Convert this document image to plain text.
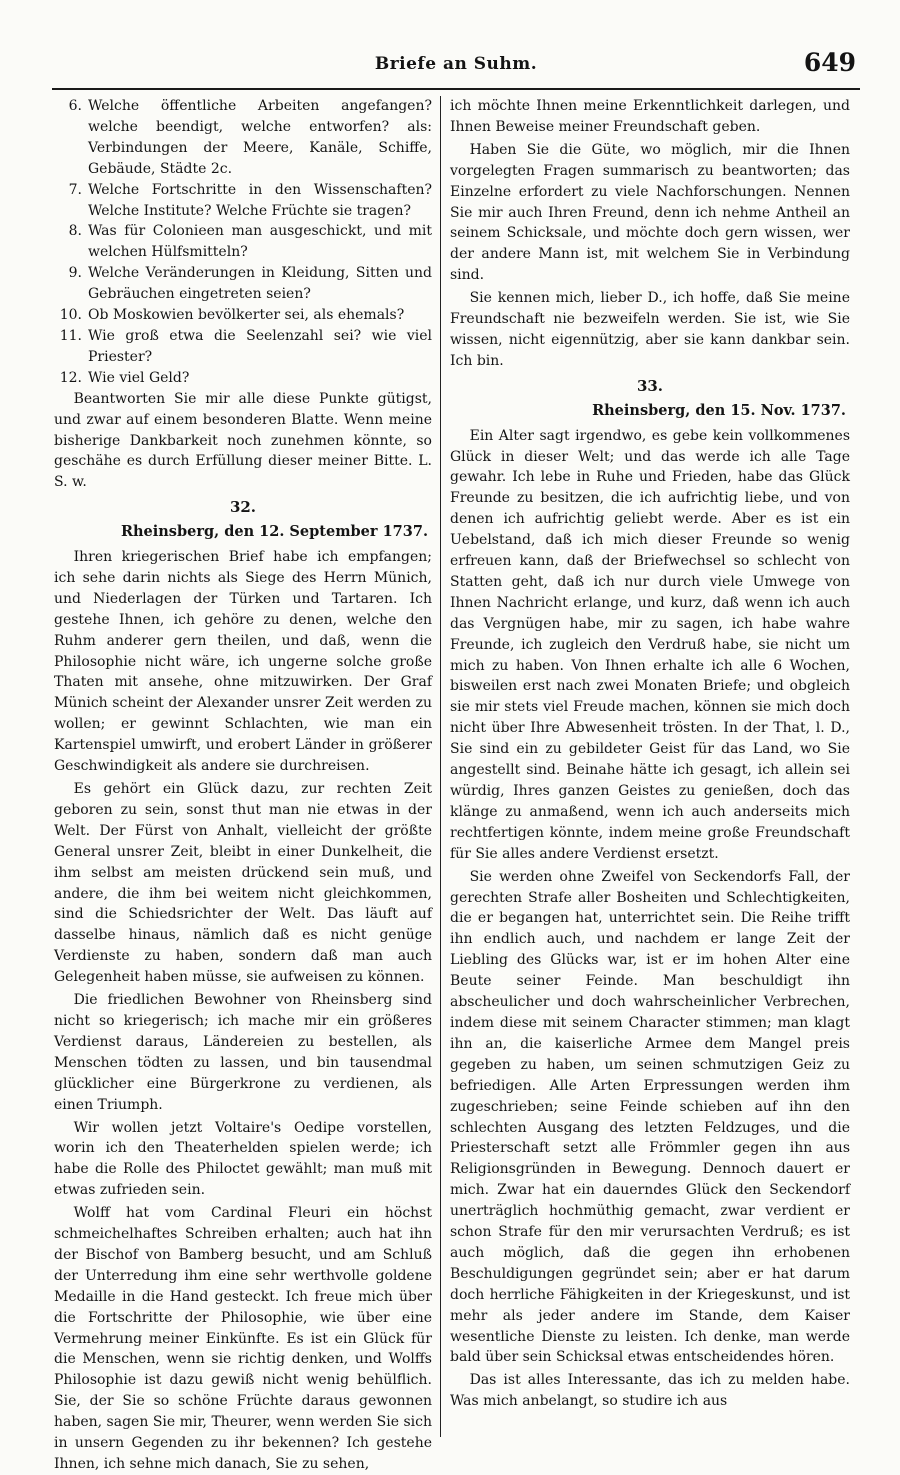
Briefe an Suhm.	649
6. Welche öffentliche Arbeiten angefangen? welche beendigt, welche entworfen? als: Verbindungen der Meere, Kanäle, Schiffe, Gebäude, Städte 2c.
7. Welche Fortschritte in den Wissenschaften? Welche Institute? Welche Früchte sie tragen?
8. Was für Colonieen man ausgeschickt, und mit welchen Hülfsmitteln?
9. Welche Veränderungen in Kleidung, Sitten und Gebräuchen eingetreten seien?
10. Ob Moskowien bevölkerter sei, als ehemals?
11. Wie groß etwa die Seelenzahl sei? wie viel Priester?
12. Wie viel Geld?

Beantworten Sie mir alle diese Punkte gütigst, und zwar auf einem besonderen Blatte. Wenn meine bisherige Dankbarkeit noch zunehmen könnte, so geschähe es durch Erfüllung dieser meiner Bitte. L. S. w.

32.
Rheinsberg, den 12. September 1737.

Ihren kriegerischen Brief habe ich empfangen; ich sehe darin nichts als Siege des Herrn Münich, und Niederlagen der Türken und Tartaren. Ich gestehe Ihnen, ich gehöre zu denen, welche den Ruhm anderer gern theilen, und daß, wenn die Philosophie nicht wäre, ich ungerne solche große Thaten mit ansehe, ohne mitzuwirken. Der Graf Münich scheint der Alexander unsrer Zeit werden zu wollen; er gewinnt Schlachten, wie man ein Kartenspiel umwirft, und erobert Länder in größerer Geschwindigkeit als andere sie durchreisen.

Es gehört ein Glück dazu, zur rechten Zeit geboren zu sein, sonst thut man nie etwas in der Welt. Der Fürst von Anhalt, vielleicht der größte General unsrer Zeit, bleibt in einer Dunkelheit, die ihm selbst am meisten drückend sein muß, und andere, die ihm bei weitem nicht gleichkommen, sind die Schiedsrichter der Welt. Das läuft auf dasselbe hinaus, nämlich daß es nicht genüge Verdienste zu haben, sondern daß man auch Gelegenheit haben müsse, sie aufweisen zu können.

Die friedlichen Bewohner von Rheinsberg sind nicht so kriegerisch; ich mache mir ein größeres Verdienst daraus, Ländereien zu bestellen, als Menschen tödten zu lassen, und bin tausendmal glücklicher eine Bürgerkrone zu verdienen, als einen Triumph.

Wir wollen jetzt Voltaire's Oedipe vorstellen, worin ich den Theaterhelden spielen werde; ich habe die Rolle des Philoctet gewählt; man muß mit etwas zufrieden sein.

Wolff hat vom Cardinal Fleuri ein höchst schmeichelhaftes Schreiben erhalten; auch hat ihn der Bischof von Bamberg besucht, und am Schluß der Unterredung ihm eine sehr werthvolle goldene Medaille in die Hand gesteckt. Ich freue mich über die Fortschritte der Philosophie, wie über eine Vermehrung meiner Einkünfte. Es ist ein Glück für die Menschen, wenn sie richtig denken, und Wolffs Philosophie ist dazu gewiß nicht wenig behülflich. Sie, der Sie so schöne Früchte daraus gewonnen haben, sagen Sie mir, Theurer, wenn werden Sie sich in unsern Gegenden zu ihr bekennen? Ich gestehe Ihnen, ich sehne mich danach, Sie zu sehen,

ich möchte Ihnen meine Erkenntlichkeit darlegen, und Ihnen Beweise meiner Freundschaft geben.

Haben Sie die Güte, wo möglich, mir die Ihnen vorgelegten Fragen summarisch zu beantworten; das Einzelne erfordert zu viele Nachforschungen. Nennen Sie mir auch Ihren Freund, denn ich nehme Antheil an seinem Schicksale, und möchte doch gern wissen, wer der andere Mann ist, mit welchem Sie in Verbindung sind.

Sie kennen mich, lieber D., ich hoffe, daß Sie meine Freundschaft nie bezweifeln werden. Sie ist, wie Sie wissen, nicht eigennützig, aber sie kann dankbar sein. Ich bin.

33.
Rheinsberg, den 15. Nov. 1737.

Ein Alter sagt irgendwo, es gebe kein vollkommenes Glück in dieser Welt; und das werde ich alle Tage gewahr. Ich lebe in Ruhe und Frieden, habe das Glück Freunde zu besitzen, die ich aufrichtig liebe, und von denen ich aufrichtig geliebt werde. Aber es ist ein Uebelstand, daß ich mich dieser Freunde so wenig erfreuen kann, daß der Briefwechsel so schlecht von Statten geht, daß ich nur durch viele Umwege von Ihnen Nachricht erlange, und kurz, daß wenn ich auch das Vergnügen habe, mir zu sagen, ich habe wahre Freunde, ich zugleich den Verdruß habe, sie nicht um mich zu haben. Von Ihnen erhalte ich alle 6 Wochen, bisweilen erst nach zwei Monaten Briefe; und obgleich sie mir stets viel Freude machen, können sie mich doch nicht über Ihre Abwesenheit trösten. In der That, l. D., Sie sind ein zu gebildeter Geist für das Land, wo Sie angestellt sind. Beinahe hätte ich gesagt, ich allein sei würdig, Ihres ganzen Geistes zu genießen, doch das klänge zu anmaßend, wenn ich auch anderseits mich rechtfertigen könnte, indem meine große Freundschaft für Sie alles andere Verdienst ersetzt.

Sie werden ohne Zweifel von Seckendorfs Fall, der gerechten Strafe aller Bosheiten und Schlechtigkeiten, die er begangen hat, unterrichtet sein. Die Reihe trifft ihn endlich auch, und nachdem er lange Zeit der Liebling des Glücks war, ist er im hohen Alter eine Beute seiner Feinde. Man beschuldigt ihn abscheulicher und doch wahrscheinlicher Verbrechen, indem diese mit seinem Character stimmen; man klagt ihn an, die kaiserliche Armee dem Mangel preis gegeben zu haben, um seinen schmutzigen Geiz zu befriedigen. Alle Arten Erpressungen werden ihm zugeschrieben; seine Feinde schieben auf ihn den schlechten Ausgang des letzten Feldzuges, und die Priesterschaft setzt alle Frömmler gegen ihn aus Religionsgründen in Bewegung. Dennoch dauert er mich. Zwar hat ein dauerndes Glück den Seckendorf unerträglich hochmüthig gemacht, zwar verdient er schon Strafe für den mir verursachten Verdruß; es ist auch möglich, daß die gegen ihn erhobenen Beschuldigungen gegründet sein; aber er hat darum doch herrliche Fähigkeiten in der Kriegeskunst, und ist mehr als jeder andere im Stande, dem Kaiser wesentliche Dienste zu leisten. Ich denke, man werde bald über sein Schicksal etwas entscheidendes hören.

Das ist alles Interessante, das ich zu melden habe. Was mich anbelangt, so studire ich aus
